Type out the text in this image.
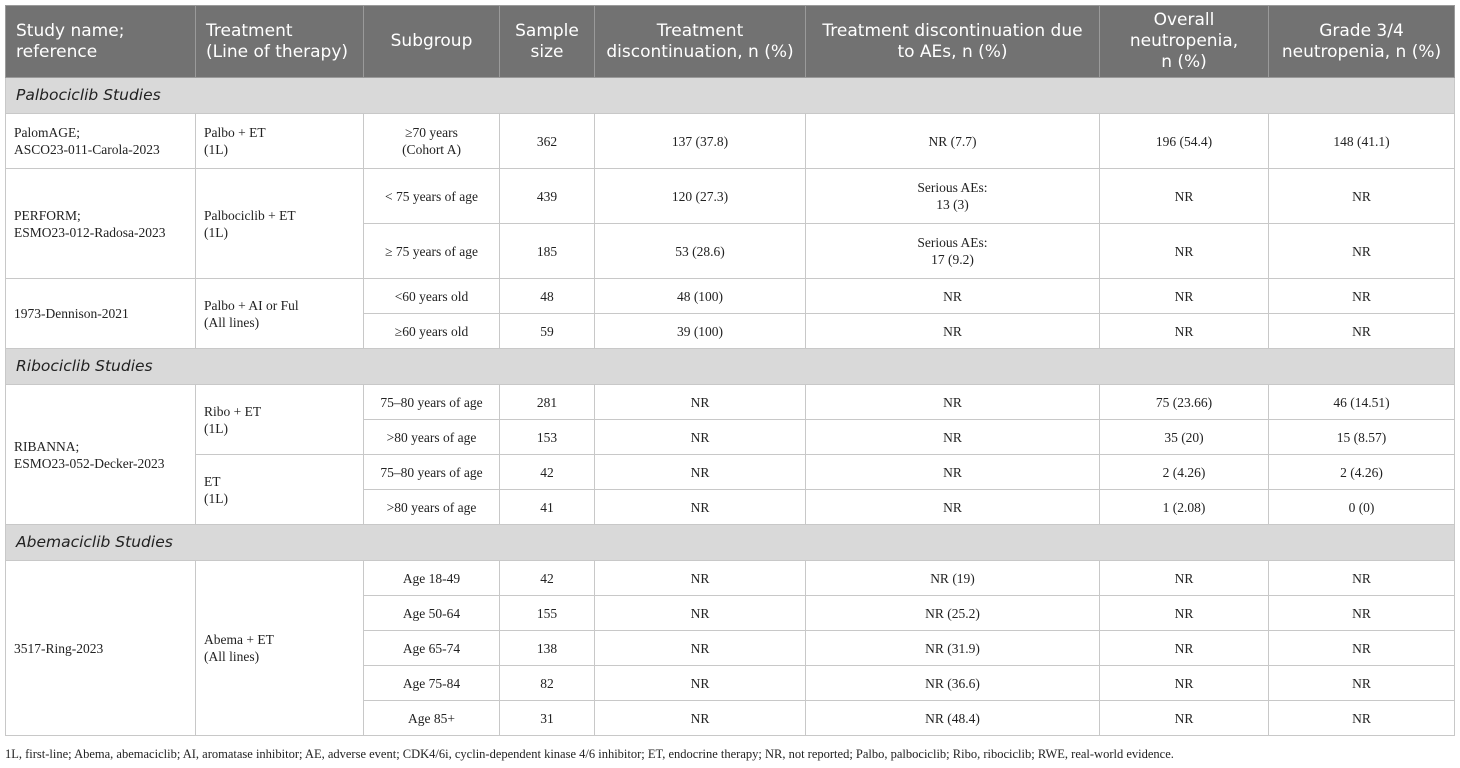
Study name;
reference	Treatment
(Line of therapy)	Subgroup	Sample
size	Treatment
discontinuation, n (%)	Treatment discontinuation due
to AEs, n (%)	Overall
neutropenia,
n (%)	Grade 3/4
neutropenia, n (%)
Palbociclib Studies							
PalomAGE;
ASCO23-011-Carola-2023	Palbo + ET
(1L)	≥70 years
(Cohort A)	362	137 (37.8)	NR (7.7)	196 (54.4)	148 (41.1)
PERFORM;
ESMO23-012-Radosa-2023	Palbociclib + ET
(1L)	< 75 years of age	439	120 (27.3)	Serious AEs:
13 (3)	NR	NR
		≥ 75 years of age	185	53 (28.6)	Serious AEs:
17 (9.2)	NR	NR
1973-Dennison-2021	Palbo + AI or Ful
(All lines)	<60 years old	48	48 (100)	NR	NR	NR
		≥60 years old	59	39 (100)	NR	NR	NR
Ribociclib Studies							
RIBANNA;
ESMO23-052-Decker-2023	Ribo + ET
(1L)	75–80 years of age	281	NR	NR	75 (23.66)	46 (14.51)
		>80 years of age	153	NR	NR	35 (20)	15 (8.57)
	ET
(1L)	75–80 years of age	42	NR	NR	2 (4.26)	2 (4.26)
		>80 years of age	41	NR	NR	1 (2.08)	0 (0)
Abemaciclib Studies							
3517-Ring-2023	Abema + ET
(All lines)	Age 18-49	42	NR	NR (19)	NR	NR
		Age 50-64	155	NR	NR (25.2)	NR	NR
		Age 65-74	138	NR	NR (31.9)	NR	NR
		Age 75-84	82	NR	NR (36.6)	NR	NR
		Age 85+	31	NR	NR (48.4)	NR	NR
1L, first-line; Abema, abemaciclib; AI, aromatase inhibitor; AE, adverse event; CDK4/6i, cyclin-dependent kinase 4/6 inhibitor; ET, endocrine therapy; NR, not reported; Palbo, palbociclib; Ribo, ribociclib; RWE, real-world evidence.
